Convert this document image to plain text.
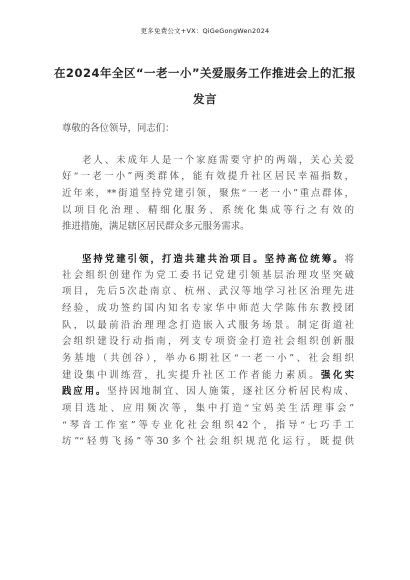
更多免费公文+VX：QiGeGongWen2024
在2024年全区“一老一小”关爱服务工作推进会上的汇报
发言
尊敬的各位领导，同志们：
老人、未成年人是一个家庭需要守护的两端，关心关爱
好“一老一小”两类群体，能有效提升社区居民幸福指数，
近年来，**街道坚持党建引领，聚焦“一老一小”重点群体，
以项目化治理、精细化服务、系统化集成等行之有效的
推进措施，满足辖区居民群众多元服务需求。
坚持党建引领，打造共建共治项目。坚持高位统筹。将
社会组织创建作为党工委书记党建引领基层治理攻坚突破
项目，先后5次赴南京、杭州、武汉等地学习社区治理先进
经验，成功签约国内知名专家华中师范大学陈伟东教授团
队，以最前沿治理理念打造嵌入式服务场景。制定街道社
会组织建设行动指南，列支专项资金打造社会组织创新服
务基地（共创谷），举办6期社区“一老一小”、社会组织
建设集中训练营，扎实提升社区工作者能力素质。强化实
践应用。坚持因地制宜、因人施策，逐社区分析居民构成、
项目选址、应用频次等，集中打造“宝妈美生活理事会”
“琴音工作室”等专业化社会组织42个，指导“七巧手工
坊”“轻剪飞扬”等30多个社会组织规范化运行，既提供
